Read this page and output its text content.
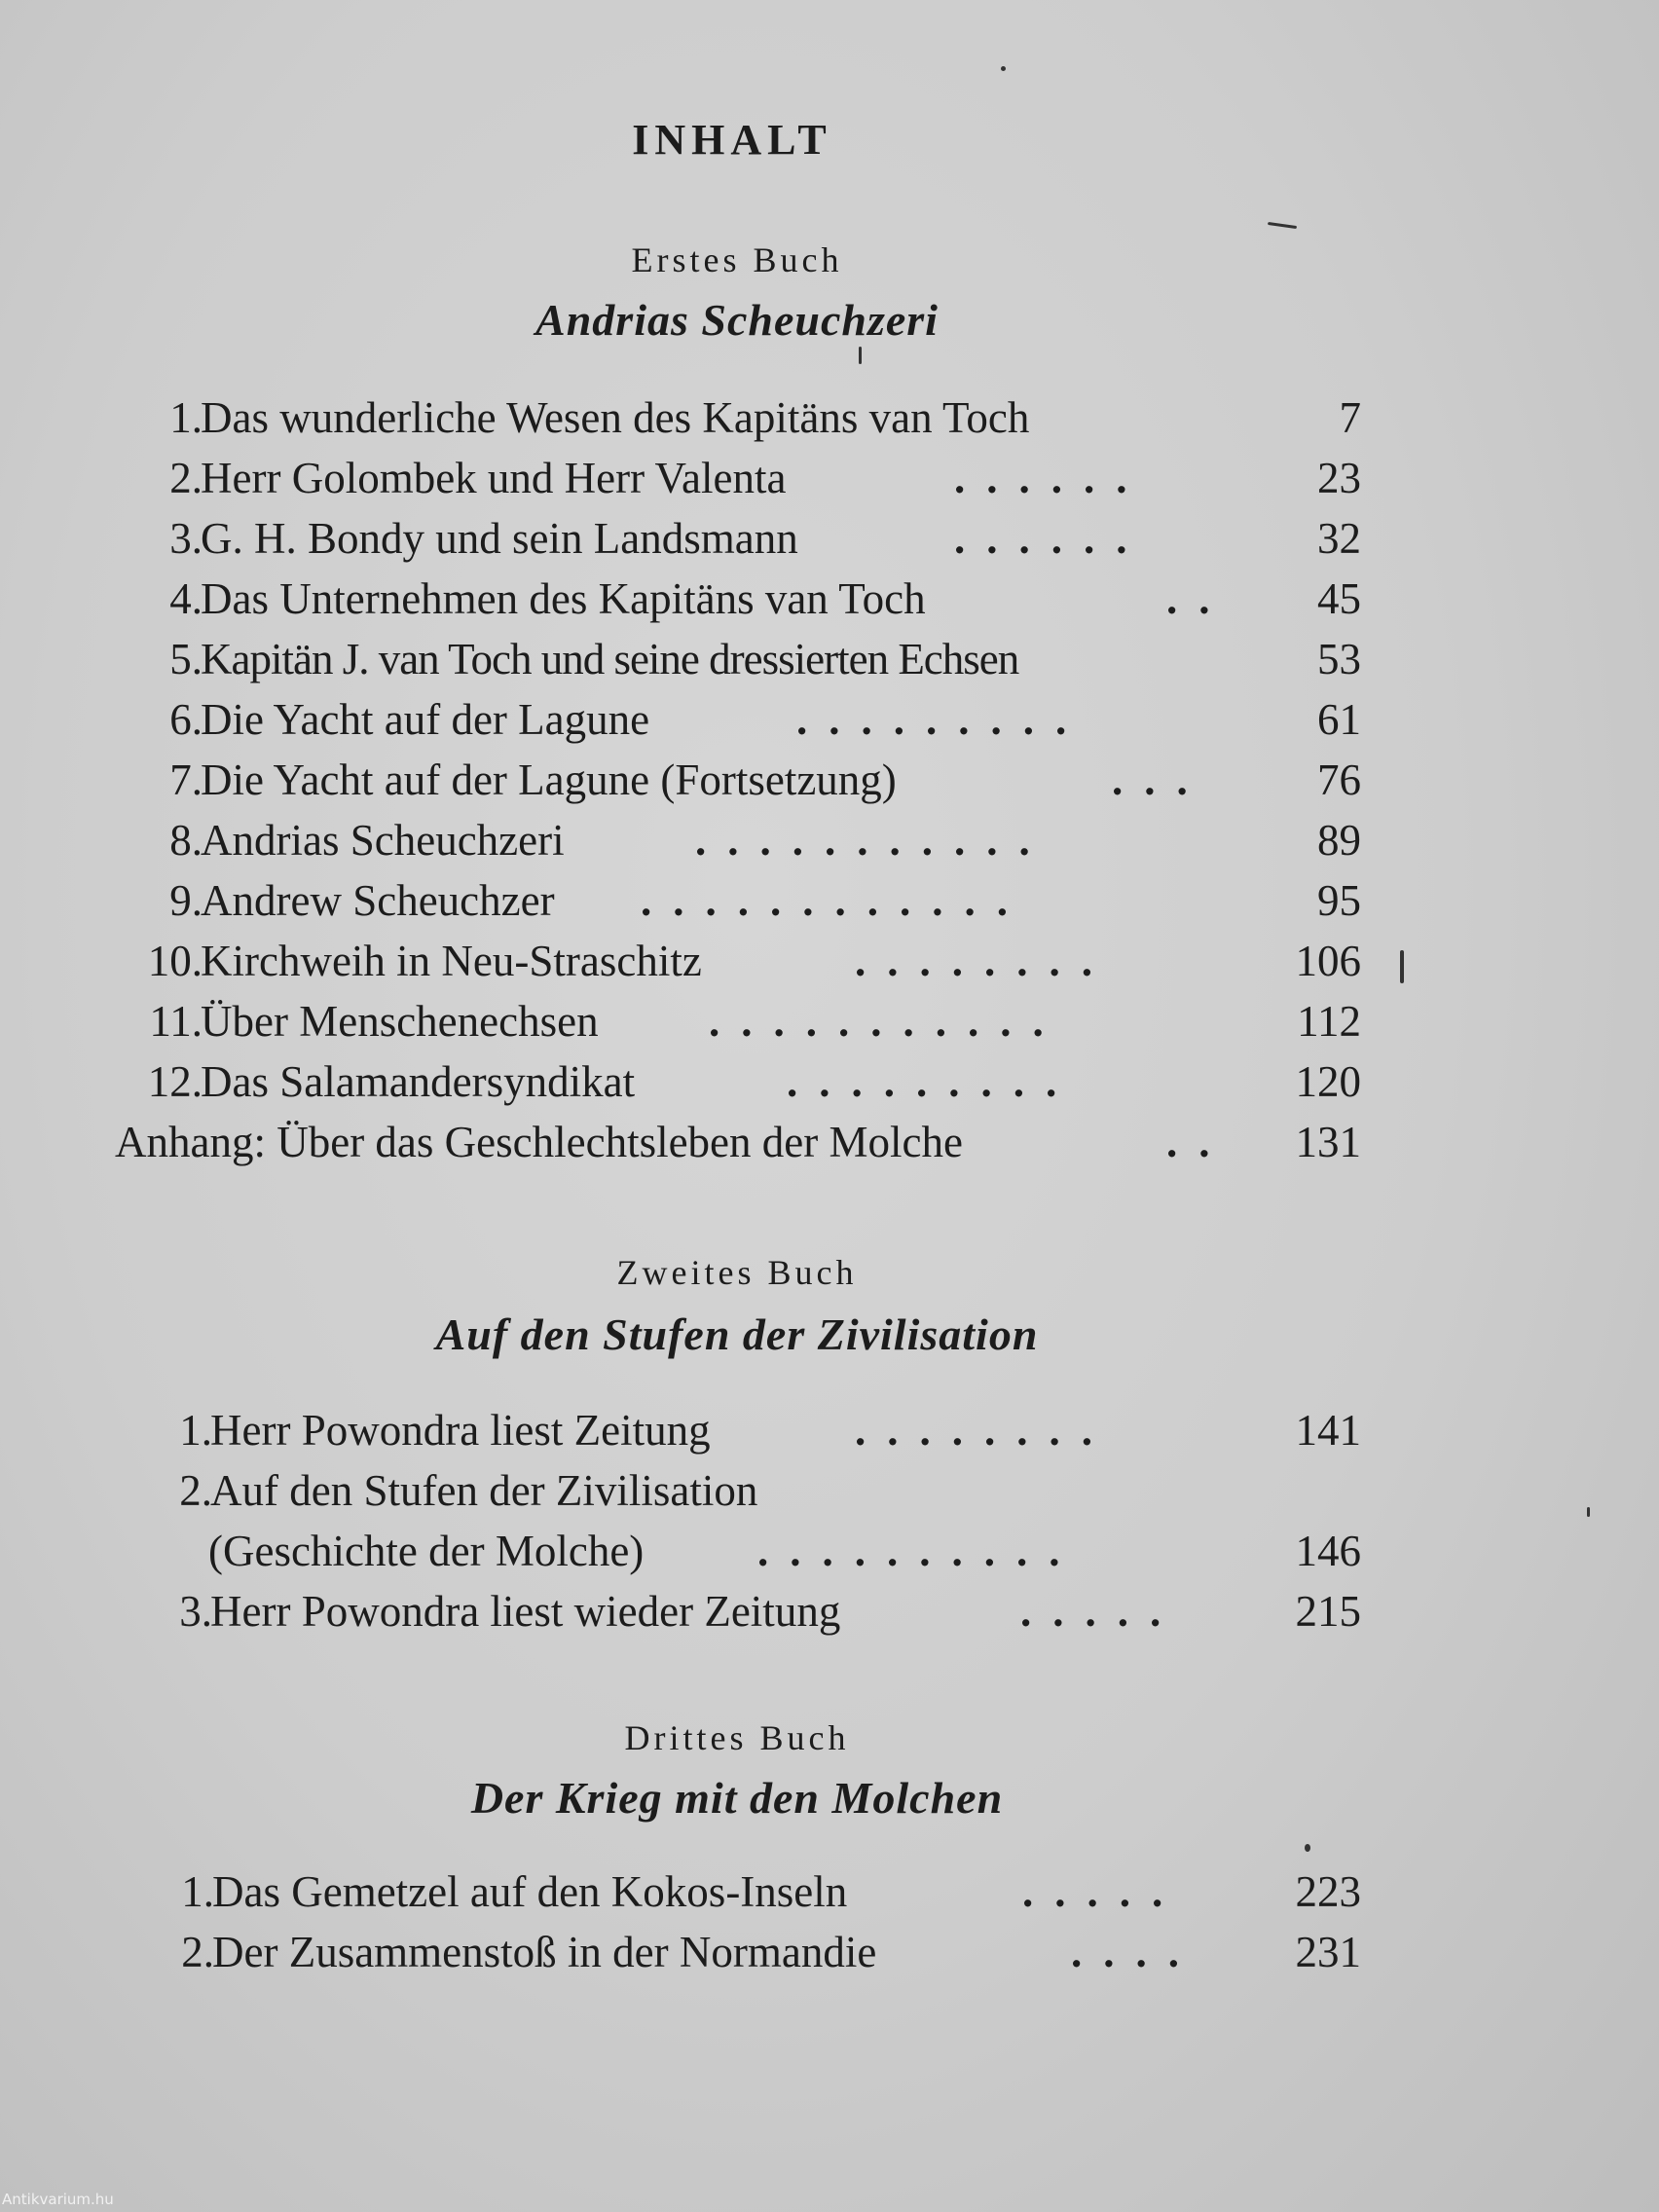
INHALT
Erstes Buch
Andrias Scheuchzeri
1.
Das wunderliche Wesen des Kapitäns van Toch	7
2.
Herr Golombek und Herr Valenta	......	23
3.
G. H. Bondy und sein Landsmann	......	32
4.
Das Unternehmen des Kapitäns van Toch	.. 45
5.
Kapitän J. van Toch und seine dressierten Echsen	53
6.
Die Yacht auf der Lagune	.........	61
7.
Die Yacht auf der Lagune (Fortsetzung)	... 76
8.
Andrias Scheuchzeri	...........	89
9.
Andrew Scheuchzer ............	95
10.
Kirchweih in Neu-Straschitz	........	106
11.
Über Menschenechsen	...........	112
12.
Das Salamandersyndikat	.........	120
Anhang: Über das Geschlechtsleben der Molche	.. 131
Zweites Buch
Auf den Stufen der Zivilisation
1.
Herr Powondra liest Zeitung	........	141
2.
Auf den Stufen der Zivilisation
(Geschichte der Molche)	..........	146
3.
Herr Powondra liest wieder Zeitung	.....	215
Drittes Buch
Der Krieg mit den Molchen
1.
Das Gemetzel auf den Kokos-Inseln	.....	223
2.
Der Zusammenstoß in der Normandie	.... 231
Antikvarium.hu
